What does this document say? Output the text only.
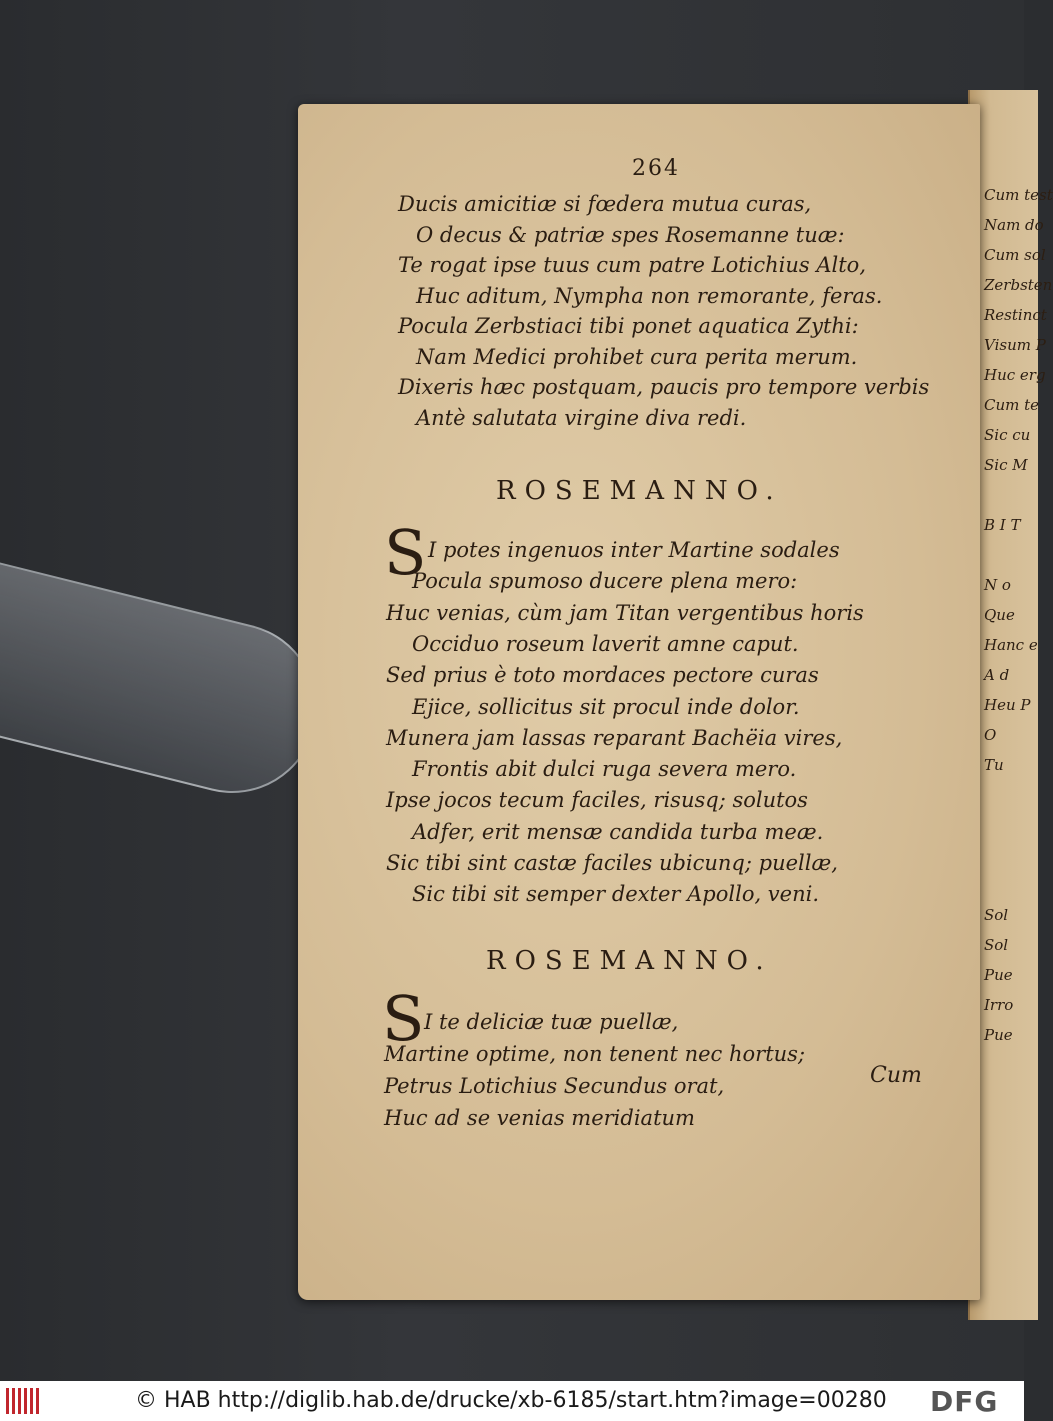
Cum test
Nam do
Cum sol
Zerbsten
Restinct
Visum P
Huc erg
Cum te
Sic cu
Sic M

B I T

N o
Que
Hanc e
A d
Heu P
O
Tu

Sol
Sol
Pue
Irro
Pue
264
Ducis amicitiæ si fœdera mutua curas,
O decus & patriæ spes Rosemanne tuæ:
Te rogat ipse tuus cum patre Lotichius Alto,
Huc aditum, Nympha non remorante, feras.
Pocula Zerbstiaci tibi ponet aquatica Zythi:
Nam Medici prohibet cura perita merum.
Dixeris hæc postquam, paucis pro tempore verbis
Antè salutata virgine diva redi.
ROSEMANNO.
S I potes ingenuos inter Martine sodales
Pocula spumoso ducere plena mero:
Huc venias, cùm jam Titan vergentibus horis
Occiduo roseum laverit amne caput.
Sed prius è toto mordaces pectore curas
Ejice, sollicitus sit procul inde dolor.
Munera jam lassas reparant Bachëia vires,
Frontis abit dulci ruga severa mero.
Ipse jocos tecum faciles, risusq; solutos
Adfer, erit mensæ candida turba meæ.
Sic tibi sint castæ faciles ubicunq; puellæ,
Sic tibi sit semper dexter Apollo, veni.
ROSEMANNO.
S I te deliciæ tuæ puellæ,
Martine optime, non tenent nec hortus;
Petrus Lotichius Secundus orat,
Huc ad se venias meridiatum
Cum
© HAB http://diglib.hab.de/drucke/xb-6185/start.htm?image=00280 DFG
